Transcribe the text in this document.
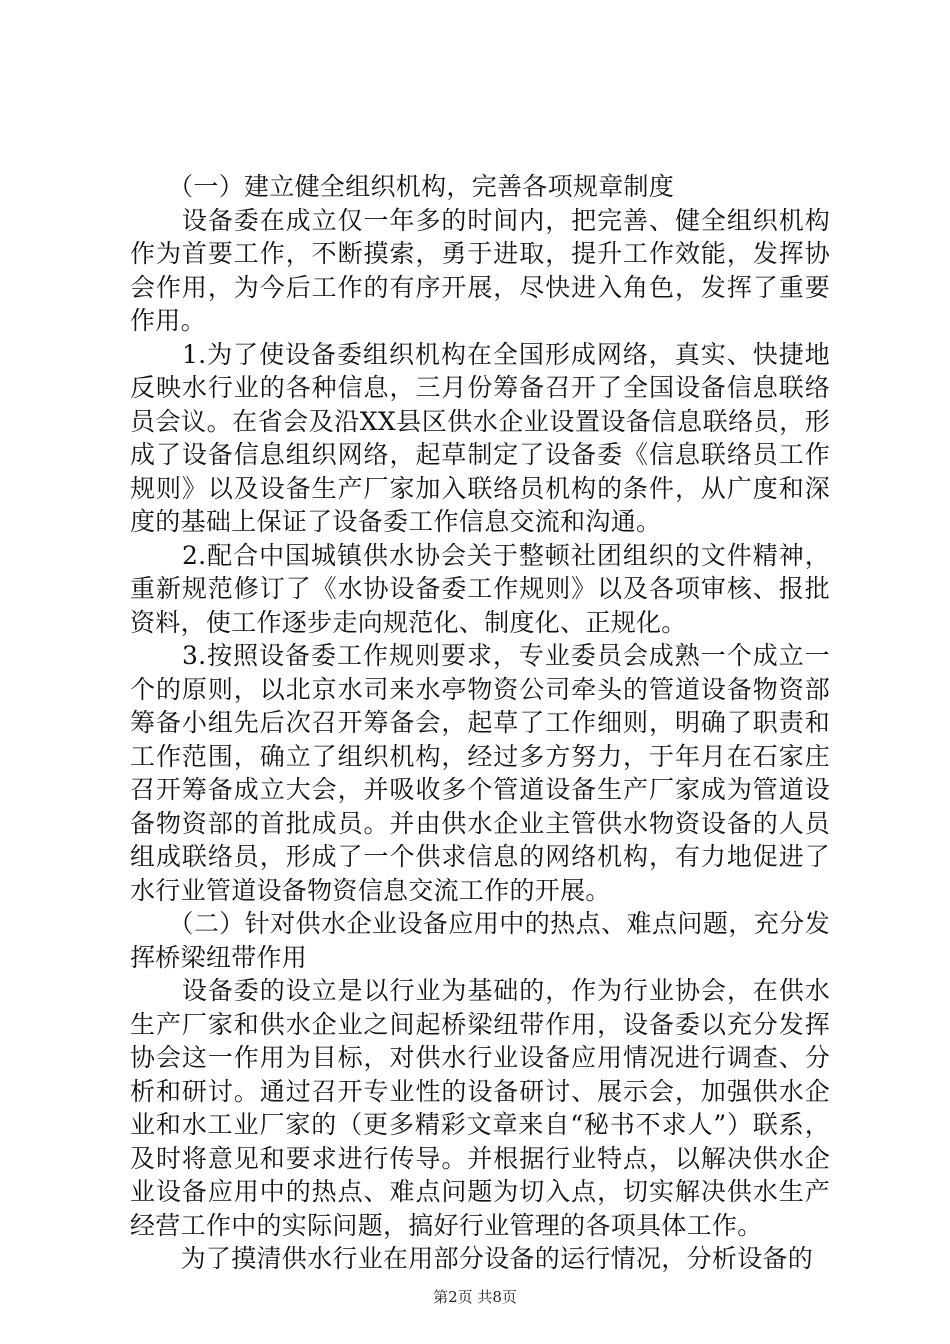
　　（一）建立健全组织机构，完善各项规章制度

　　设备委在成立仅一年多的时间内，把完善、健全组织机构作为首要工作，不断摸索，勇于进取，提升工作效能，发挥协会作用，为今后工作的有序开展，尽快进入角色，发挥了重要作用。

　　1.为了使设备委组织机构在全国形成网络，真实、快捷地反映水行业的各种信息，三月份筹备召开了全国设备信息联络员会议。在省会及沿XX县区供水企业设置设备信息联络员，形成了设备信息组织网络，起草制定了设备委《信息联络员工作规则》以及设备生产厂家加入联络员机构的条件，从广度和深度的基础上保证了设备委工作信息交流和沟通。

　　2.配合中国城镇供水协会关于整顿社团组织的文件精神，重新规范修订了《水协设备委工作规则》以及各项审核、报批资料，使工作逐步走向规范化、制度化、正规化。

　　3.按照设备委工作规则要求，专业委员会成熟一个成立一个的原则，以北京水司来水亭物资公司牵头的管道设备物资部筹备小组先后次召开筹备会，起草了工作细则，明确了职责和工作范围，确立了组织机构，经过多方努力，于年月在石家庄召开筹备成立大会，并吸收多个管道设备生产厂家成为管道设备物资部的首批成员。并由供水企业主管供水物资设备的人员组成联络员，形成了一个供求信息的网络机构，有力地促进了水行业管道设备物资信息交流工作的开展。

　　（二）针对供水企业设备应用中的热点、难点问题，充分发挥桥梁纽带作用

　　设备委的设立是以行业为基础的，作为行业协会，在供水生产厂家和供水企业之间起桥梁纽带作用，设备委以充分发挥协会这一作用为目标，对供水行业设备应用情况进行调查、分析和研讨。通过召开专业性的设备研讨、展示会，加强供水企业和水工业厂家的（更多精彩文章来自“秘书不求人”）联系，及时将意见和要求进行传导。并根据行业特点，以解决供水企业设备应用中的热点、难点问题为切入点，切实解决供水生产经营工作中的实际问题，搞好行业管理的各项具体工作。

　　为了摸清供水行业在用部分设备的运行情况，分析设备的

第2页 共8页
